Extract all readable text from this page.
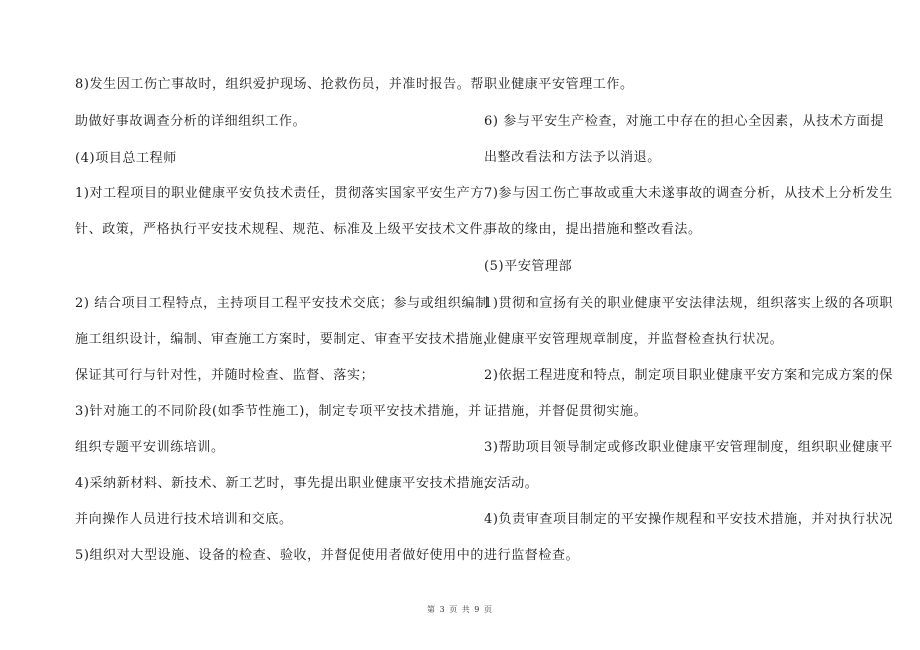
8)发生因工伤亡事故时，组织爱护现场、抢救伤员，并准时报告。帮
助做好事故调查分析的详细组织工作。
(4)项目总工程师
1)对工程项目的职业健康平安负技术责任，贯彻落实国家平安生产方
针、政策，严格执行平安技术规程、规范、标准及上级平安技术文件。
2) 结合项目工程特点，主持项目工程平安技术交底；参与或组织编制
施工组织设计，编制、审查施工方案时，要制定、审查平安技术措施，
保证其可行与针对性，并随时检查、监督、落实；
3)针对施工的不同阶段(如季节性施工)，制定专项平安技术措施，并
组织专题平安训练培训。
4)采纳新材料、新技术、新工艺时，事先提出职业健康平安技术措施，
并向操作人员进行技术培训和交底。
5)组织对大型设施、设备的检查、验收，并督促使用者做好使用中的
职业健康平安管理工作。
6) 参与平安生产检查，对施工中存在的担心全因素，从技术方面提
出整改看法和方法予以消退。
7)参与因工伤亡事故或重大未遂事故的调查分析，从技术上分析发生
事故的缘由，提出措施和整改看法。
(5)平安管理部
1)贯彻和宣扬有关的职业健康平安法律法规，组织落实上级的各项职
业健康平安管理规章制度，并监督检查执行状况。
2)依据工程进度和特点，制定项目职业健康平安方案和完成方案的保
证措施，并督促贯彻实施。
3)帮助项目领导制定或修改职业健康平安管理制度，组织职业健康平
安活动。
4)负责审查项目制定的平安操作规程和平安技术措施，并对执行状况
进行监督检查。
第 3 页 共 9 页
